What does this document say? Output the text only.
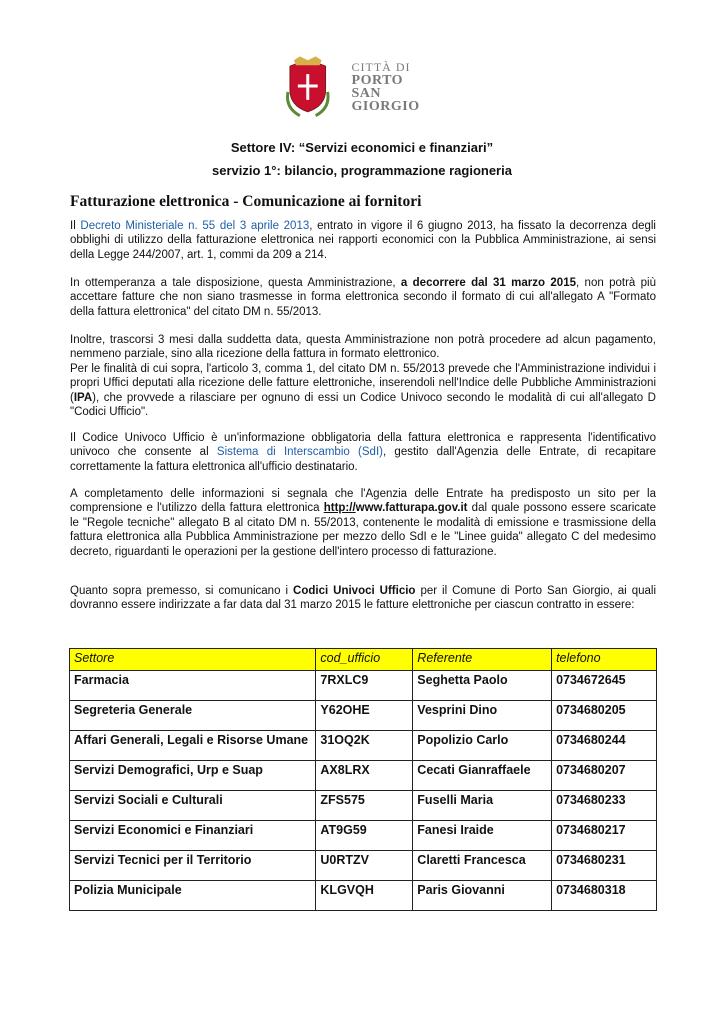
CITTÀ DI
PORTO
SAN GIORGIO
Settore IV: “Servizi economici e finanziari”
servizio 1°: bilancio, programmazione ragioneria
Fatturazione elettronica - Comunicazione ai fornitori
Il Decreto Ministeriale n. 55 del 3 aprile 2013, entrato in vigore il 6 giugno 2013, ha fissato la decorrenza degli obblighi di utilizzo della fatturazione elettronica nei rapporti economici con la Pubblica Amministrazione, ai sensi della Legge 244/2007, art. 1, commi da 209 a 214.
In ottemperanza a tale disposizione, questa Amministrazione, a decorrere dal 31 marzo 2015, non potrà più accettare fatture che non siano trasmesse in forma elettronica secondo il formato di cui all'allegato A "Formato della fattura elettronica" del citato DM n. 55/2013.
Inoltre, trascorsi 3 mesi dalla suddetta data, questa Amministrazione non potrà procedere ad alcun pagamento, nemmeno parziale, sino alla ricezione della fattura in formato elettronico.
Per le finalità di cui sopra, l'articolo 3, comma 1, del citato DM n. 55/2013 prevede che l'Amministrazione individui i propri Uffici deputati alla ricezione delle fatture elettroniche, inserendoli nell'Indice delle Pubbliche Amministrazioni (IPA), che provvede a rilasciare per ognuno di essi un Codice Univoco secondo le modalità di cui all'allegato D "Codici Ufficio".
Il Codice Univoco Ufficio è un'informazione obbligatoria della fattura elettronica e rappresenta l'identificativo univoco che consente al Sistema di Interscambio (SdI), gestito dall'Agenzia delle Entrate, di recapitare correttamente la fattura elettronica all'ufficio destinatario.
A completamento delle informazioni si segnala che l'Agenzia delle Entrate ha predisposto un sito per la comprensione e l'utilizzo della fattura elettronica http://www.fatturapa.gov.it dal quale possono essere scaricate le "Regole tecniche" allegato B al citato DM n. 55/2013, contenente le modalità di emissione e trasmissione della fattura elettronica alla Pubblica Amministrazione per mezzo dello SdI e le "Linee guida" allegato C del medesimo decreto, riguardanti le operazioni per la gestione dell'intero processo di fatturazione.
Quanto sopra premesso, si comunicano i Codici Univoci Ufficio per il Comune di Porto San Giorgio, ai quali dovranno essere indirizzate a far data dal 31 marzo 2015 le fatture elettroniche per ciascun contratto in essere:
Settore	cod_ufficio	Referente	telefono
Farmacia	7RXLC9	Seghetta Paolo	0734672645
Segreteria Generale	Y62OHE	Vesprini Dino	0734680205
Affari Generali, Legali e Risorse Umane	31OQ2K	Popolizio Carlo	0734680244
Servizi Demografici, Urp e Suap	AX8LRX	Cecati Gianraffaele	0734680207
Servizi Sociali e Culturali	ZFS575	Fuselli Maria	0734680233
Servizi Economici e Finanziari	AT9G59	Fanesi Iraide	0734680217
Servizi Tecnici per il Territorio	U0RTZV	Claretti Francesca	0734680231
Polizia Municipale	KLGVQH	Paris Giovanni	0734680318
